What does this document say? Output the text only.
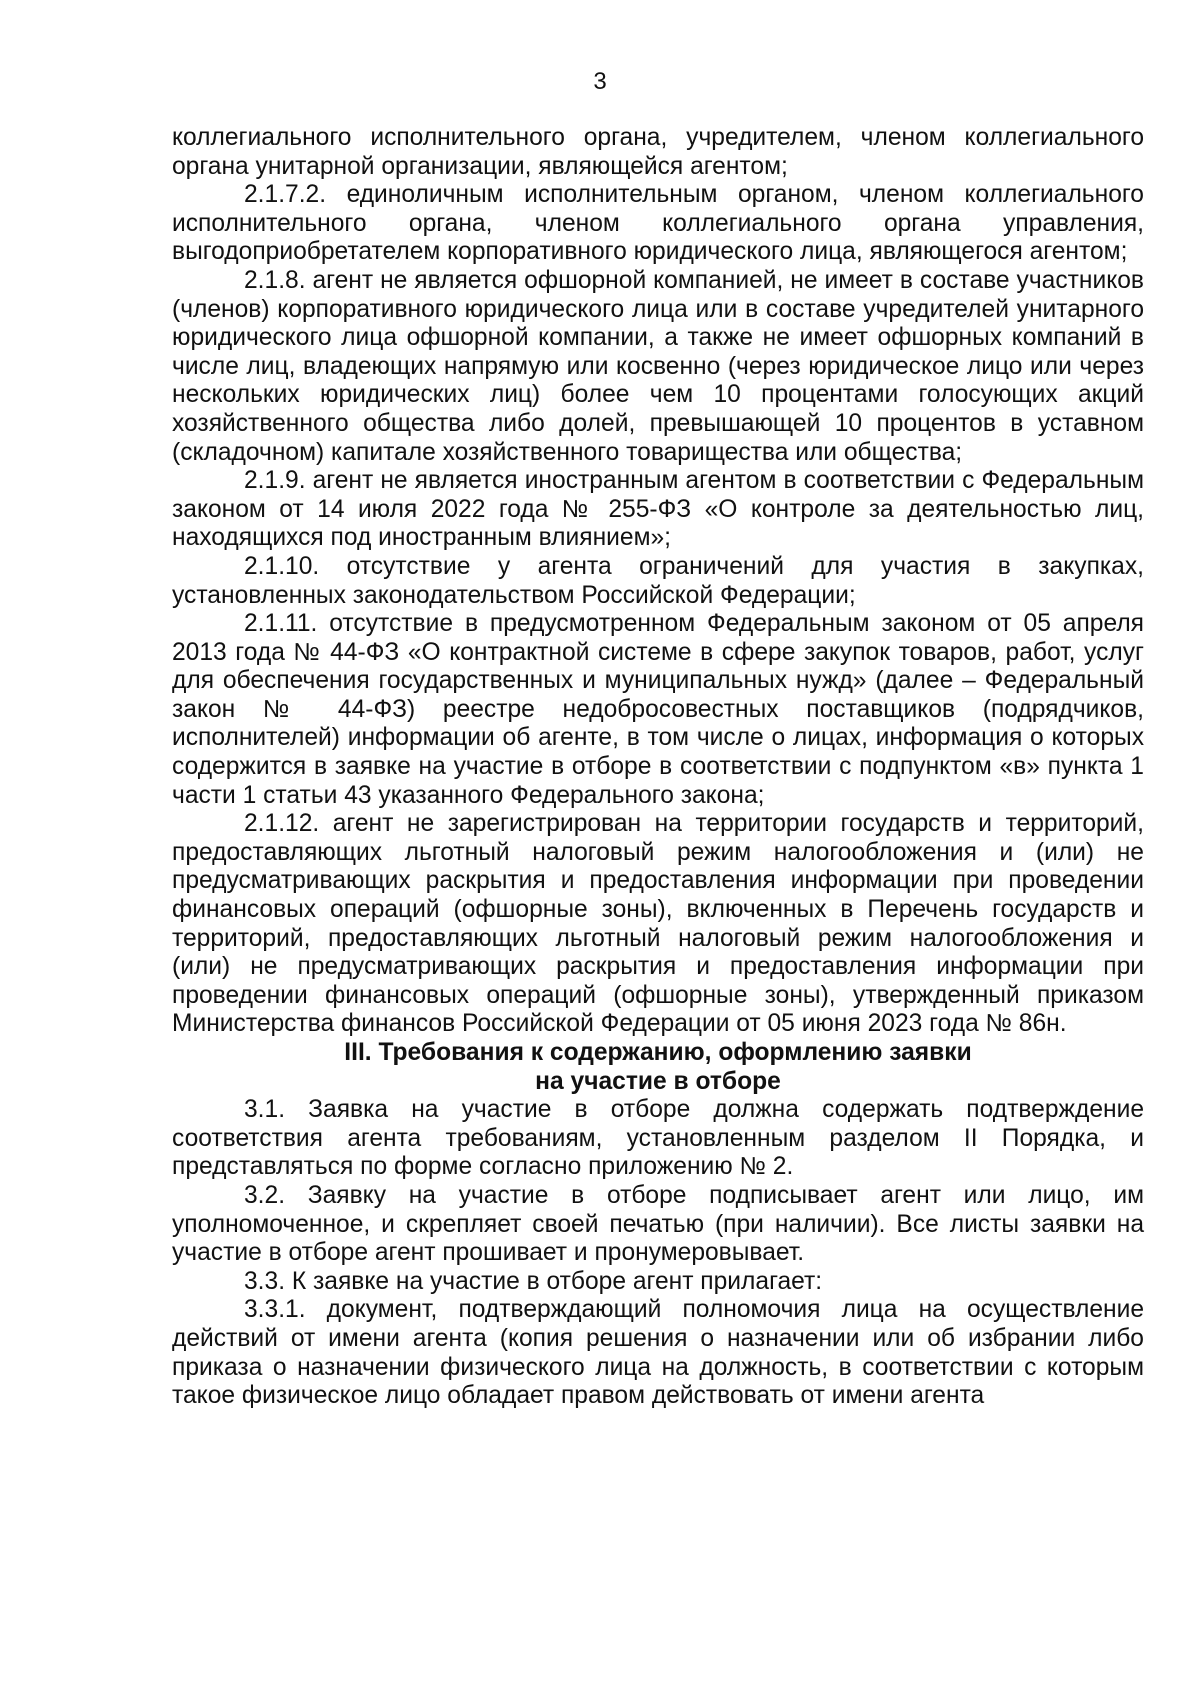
3

коллегиального исполнительного органа, учредителем, членом коллегиального органа унитарной организации, являющейся агентом;

2.1.7.2. единоличным исполнительным органом, членом коллегиального исполнительного органа, членом коллегиального органа управления, выгодоприобретателем корпоративного юридического лица, являющегося агентом;

2.1.8. агент не является офшорной компанией, не имеет в составе участников (членов) корпоративного юридического лица или в составе учредителей унитарного юридического лица офшорной компании, а также не имеет офшорных компаний в числе лиц, владеющих напрямую или косвенно (через юридическое лицо или через нескольких юридических лиц) более чем 10 процентами голосующих акций хозяйственного общества либо долей, превышающей 10 процентов в уставном (складочном) капитале хозяйственного товарищества или общества;

2.1.9. агент не является иностранным агентом в соответствии с Федеральным законом от 14 июля 2022 года № 255-ФЗ «О контроле за деятельностью лиц, находящихся под иностранным влиянием»;

2.1.10. отсутствие у агента ограничений для участия в закупках, установленных законодательством Российской Федерации;

2.1.11. отсутствие в предусмотренном Федеральным законом от 05 апреля 2013 года № 44-ФЗ «О контрактной системе в сфере закупок товаров, работ, услуг для обеспечения государственных и муниципальных нужд» (далее – Федеральный закон № 44-ФЗ) реестре недобросовестных поставщиков (подрядчиков, исполнителей) информации об агенте, в том числе о лицах, информация о которых содержится в заявке на участие в отборе в соответствии с подпунктом «в» пункта 1 части 1 статьи 43 указанного Федерального закона;

2.1.12. агент не зарегистрирован на территории государств и территорий, предоставляющих льготный налоговый режим налогообложения и (или) не предусматривающих раскрытия и предоставления информации при проведении финансовых операций (офшорные зоны), включенных в Перечень государств и территорий, предоставляющих льготный налоговый режим налогообложения и (или) не предусматривающих раскрытия и предоставления информации при проведении финансовых операций (офшорные зоны), утвержденный приказом Министерства финансов Российской Федерации от 05 июня 2023 года № 86н.

III. Требования к содержанию, оформлению заявки
на участие в отборе

3.1. Заявка на участие в отборе должна содержать подтверждение соответствия агента требованиям, установленным разделом II Порядка, и представляться по форме согласно приложению № 2.

3.2. Заявку на участие в отборе подписывает агент или лицо, им уполномоченное, и скрепляет своей печатью (при наличии). Все листы заявки на участие в отборе агент прошивает и пронумеровывает.

3.3. К заявке на участие в отборе агент прилагает:

3.3.1. документ, подтверждающий полномочия лица на осуществление действий от имени агента (копия решения о назначении или об избрании либо приказа о назначении физического лица на должность, в соответствии с которым такое физическое лицо обладает правом действовать от имени агента
